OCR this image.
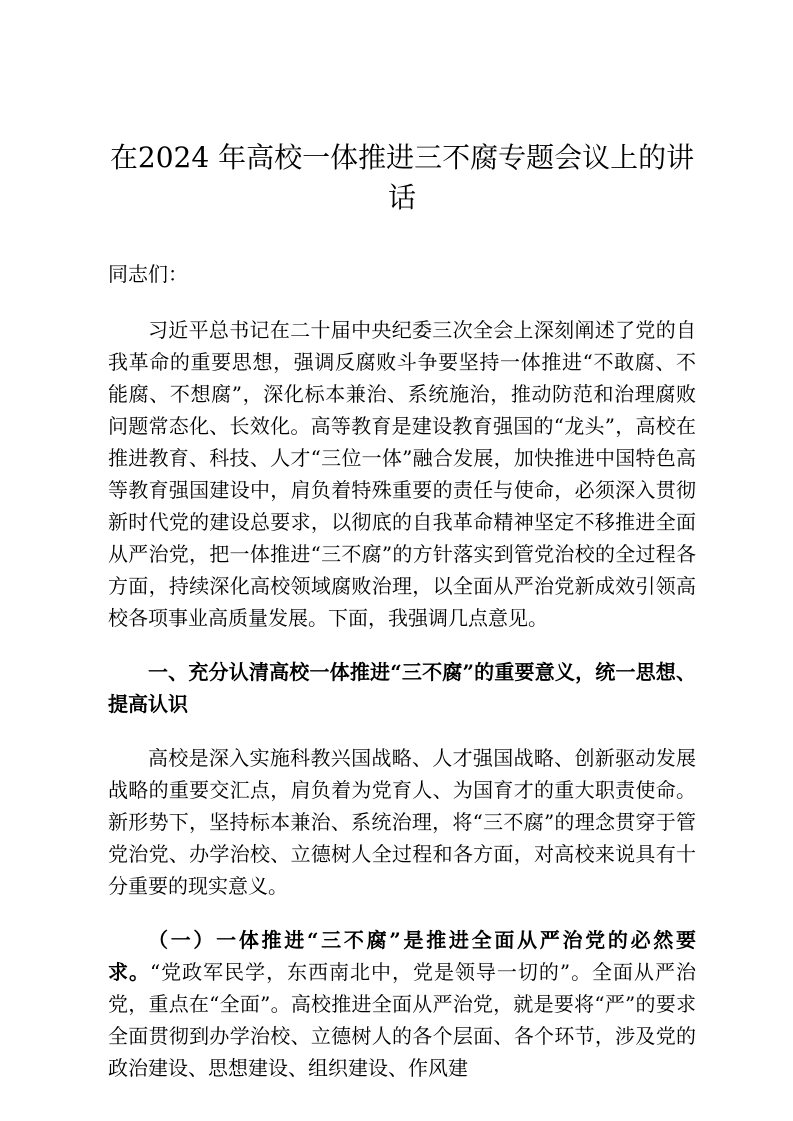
在2024 年高校一体推进三不腐专题会议上的讲话

同志们：

习近平总书记在二十届中央纪委三次全会上深刻阐述了党的自我革命的重要思想，强调反腐败斗争要坚持一体推进“不敢腐、不能腐、不想腐”，深化标本兼治、系统施治，推动防范和治理腐败问题常态化、长效化。高等教育是建设教育强国的“龙头”，高校在推进教育、科技、人才“三位一体”融合发展，加快推进中国特色高等教育强国建设中，肩负着特殊重要的责任与使命，必须深入贯彻新时代党的建设总要求，以彻底的自我革命精神坚定不移推进全面从严治党，把一体推进“三不腐”的方针落实到管党治校的全过程各方面，持续深化高校领域腐败治理，以全面从严治党新成效引领高校各项事业高质量发展。下面，我强调几点意见。

一、充分认清高校一体推进“三不腐”的重要意义，统一思想、提高认识

高校是深入实施科教兴国战略、人才强国战略、创新驱动发展战略的重要交汇点，肩负着为党育人、为国育才的重大职责使命。新形势下，坚持标本兼治、系统治理，将“三不腐”的理念贯穿于管党治党、办学治校、立德树人全过程和各方面，对高校来说具有十分重要的现实意义。

（一）一体推进“三不腐”是推进全面从严治党的必然要求。“党政军民学，东西南北中，党是领导一切的”。全面从严治党，重点在“全面”。高校推进全面从严治党，就是要将“严”的要求全面贯彻到办学治校、立德树人的各个层面、各个环节，涉及党的政治建设、思想建设、组织建设、作风建
